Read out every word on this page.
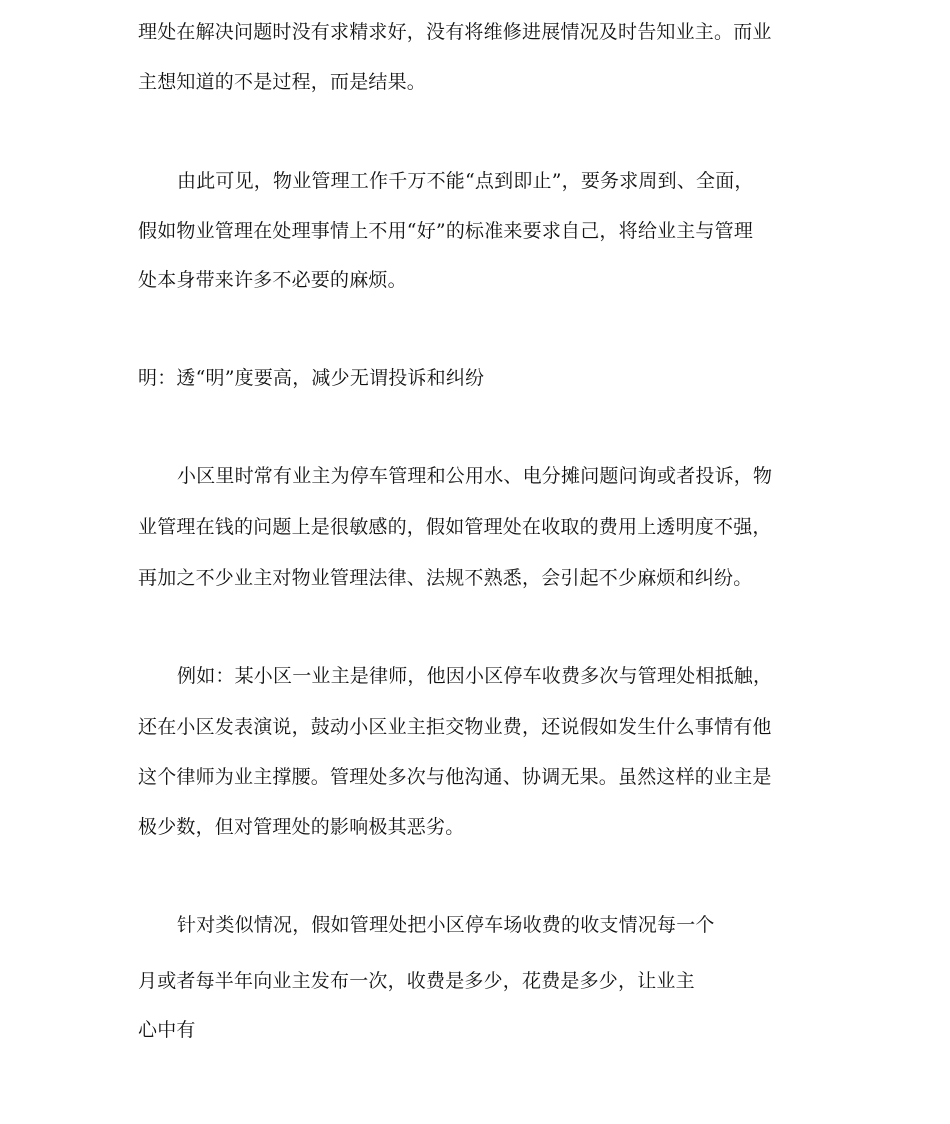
理处在解决问题时没有求精求好，没有将维修进展情况及时告知业主。而业
主想知道的不是过程，而是结果。
由此可见，物业管理工作千万不能“点到即止”，要务求周到、全面，
假如物业管理在处理事情上不用“好”的标准来要求自己，将给业主与管理
处本身带来许多不必要的麻烦。
明：透“明”度要高，减少无谓投诉和纠纷
小区里时常有业主为停车管理和公用水、电分摊问题问询或者投诉，物
业管理在钱的问题上是很敏感的，假如管理处在收取的费用上透明度不强，
再加之不少业主对物业管理法律、法规不熟悉，会引起不少麻烦和纠纷。
例如：某小区一业主是律师，他因小区停车收费多次与管理处相抵触，
还在小区发表演说，鼓动小区业主拒交物业费，还说假如发生什么事情有他
这个律师为业主撑腰。管理处多次与他沟通、协调无果。虽然这样的业主是
极少数，但对管理处的影响极其恶劣。
针对类似情况，假如管理处把小区停车场收费的收支情况每一个
月或者每半年向业主发布一次，收费是多少，花费是多少，让业主
心中有
